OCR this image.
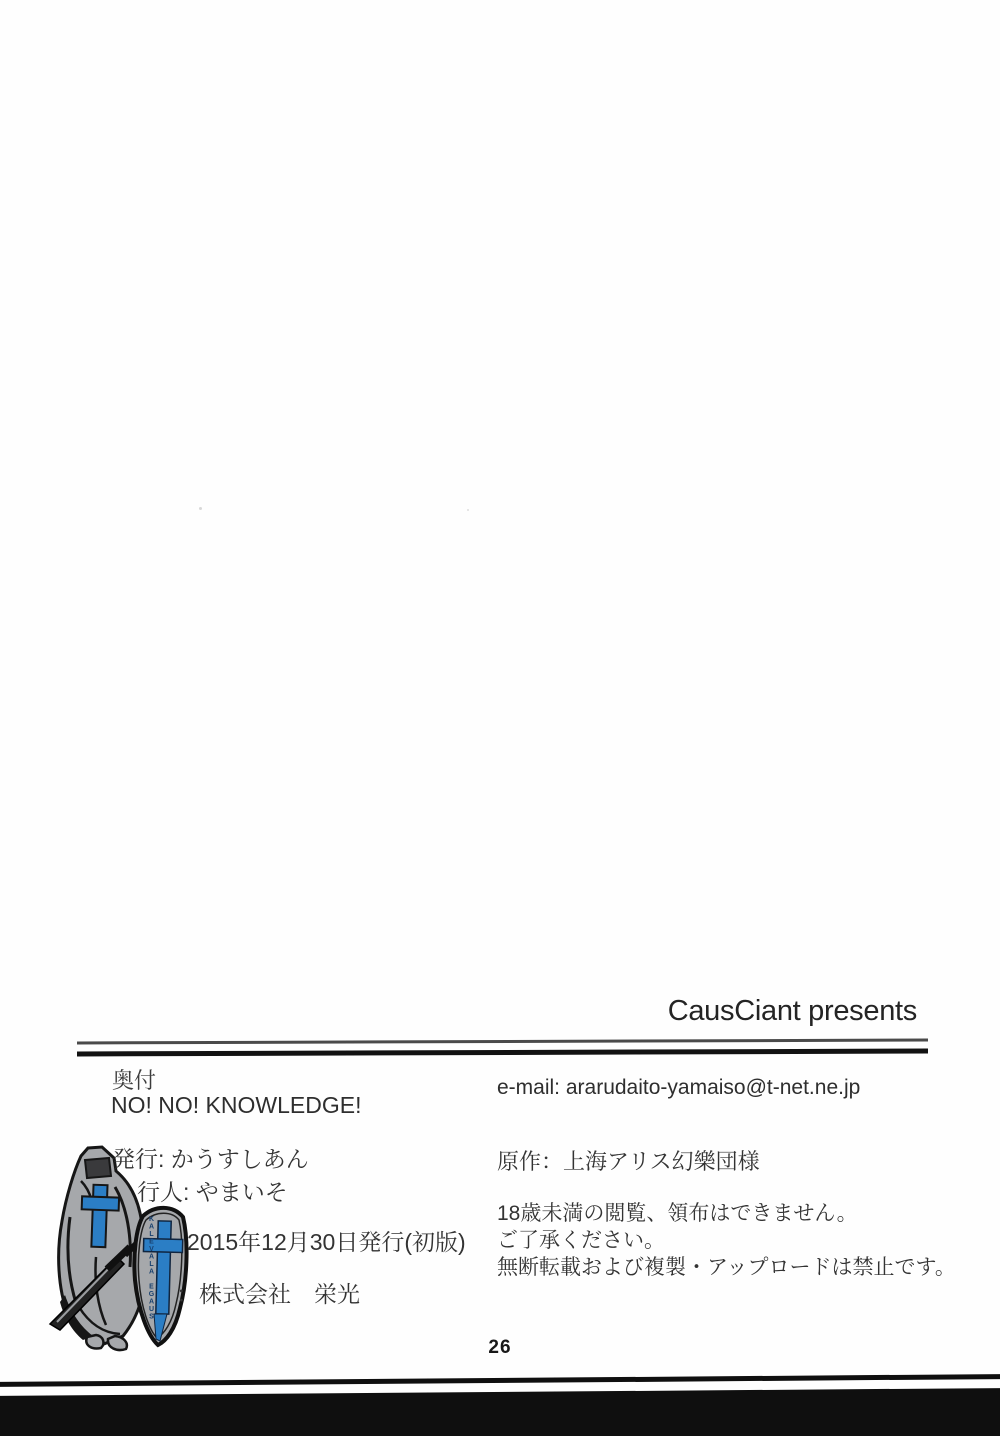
CausCiant presents
奥付
NO! NO! KNOWLEDGE!
発行: かうすしあん
行人: やまいそ
2015年12月30日発行(初版)
：株式会社　栄光
e-mail: ararudaito-yamaiso@t-net.ne.jp
原作：上海アリス幻樂団様
18歳未満の閲覧、領布はできません。
ご了承ください。
無断転載および複製・アップロードは禁止です。
26
KALEVALA EGAUS
